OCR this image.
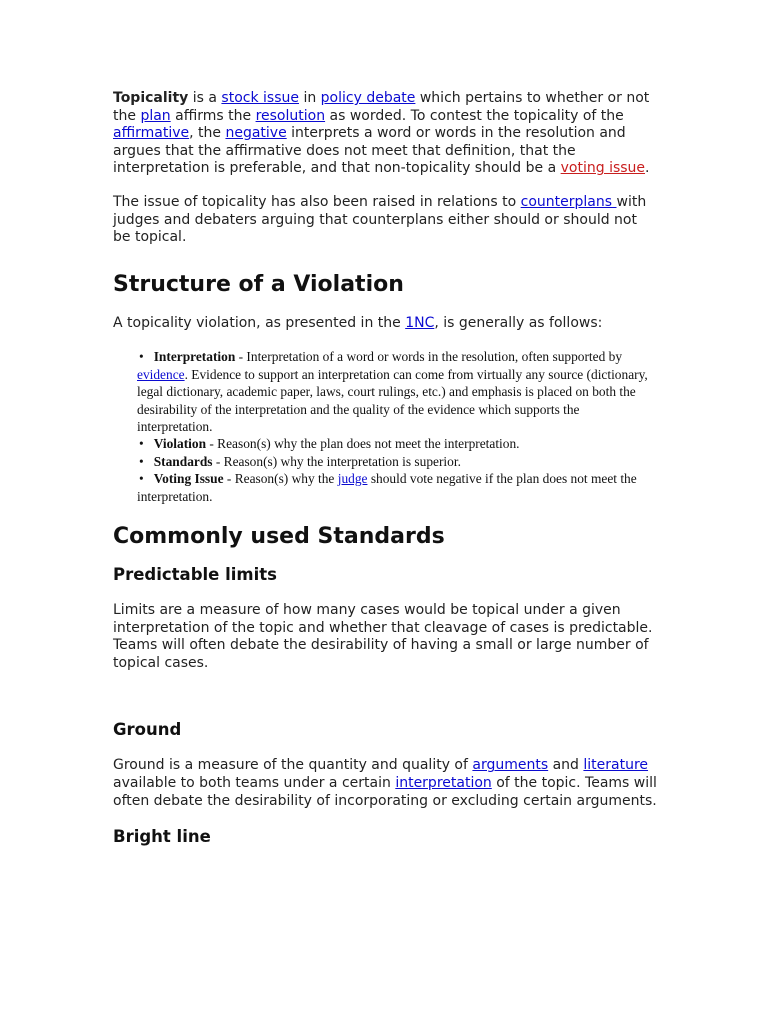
Topicality is a stock issue in policy debate which pertains to whether or not the plan affirms the resolution as worded. To contest the topicality of the affirmative, the negative interprets a word or words in the resolution and argues that the affirmative does not meet that definition, that the interpretation is preferable, and that non-topicality should be a voting issue.

The issue of topicality has also been raised in relations to counterplans with judges and debaters arguing that counterplans either should or should not be topical.

Structure of a Violation

A topicality violation, as presented in the 1NC, is generally as follows:

• Interpretation - Interpretation of a word or words in the resolution, often supported by evidence. Evidence to support an interpretation can come from virtually any source (dictionary, legal dictionary, academic paper, laws, court rulings, etc.) and emphasis is placed on both the desirability of the interpretation and the quality of the evidence which supports the interpretation.
• Violation - Reason(s) why the plan does not meet the interpretation.
• Standards - Reason(s) why the interpretation is superior.
• Voting Issue - Reason(s) why the judge should vote negative if the plan does not meet the interpretation.
Commonly used Standards
Predictable limits

Limits are a measure of how many cases would be topical under a given interpretation of the topic and whether that cleavage of cases is predictable. Teams will often debate the desirability of having a small or large number of topical cases.

Ground

Ground is a measure of the quantity and quality of arguments and literature available to both teams under a certain interpretation of the topic. Teams will often debate the desirability of incorporating or excluding certain arguments.

Bright line
